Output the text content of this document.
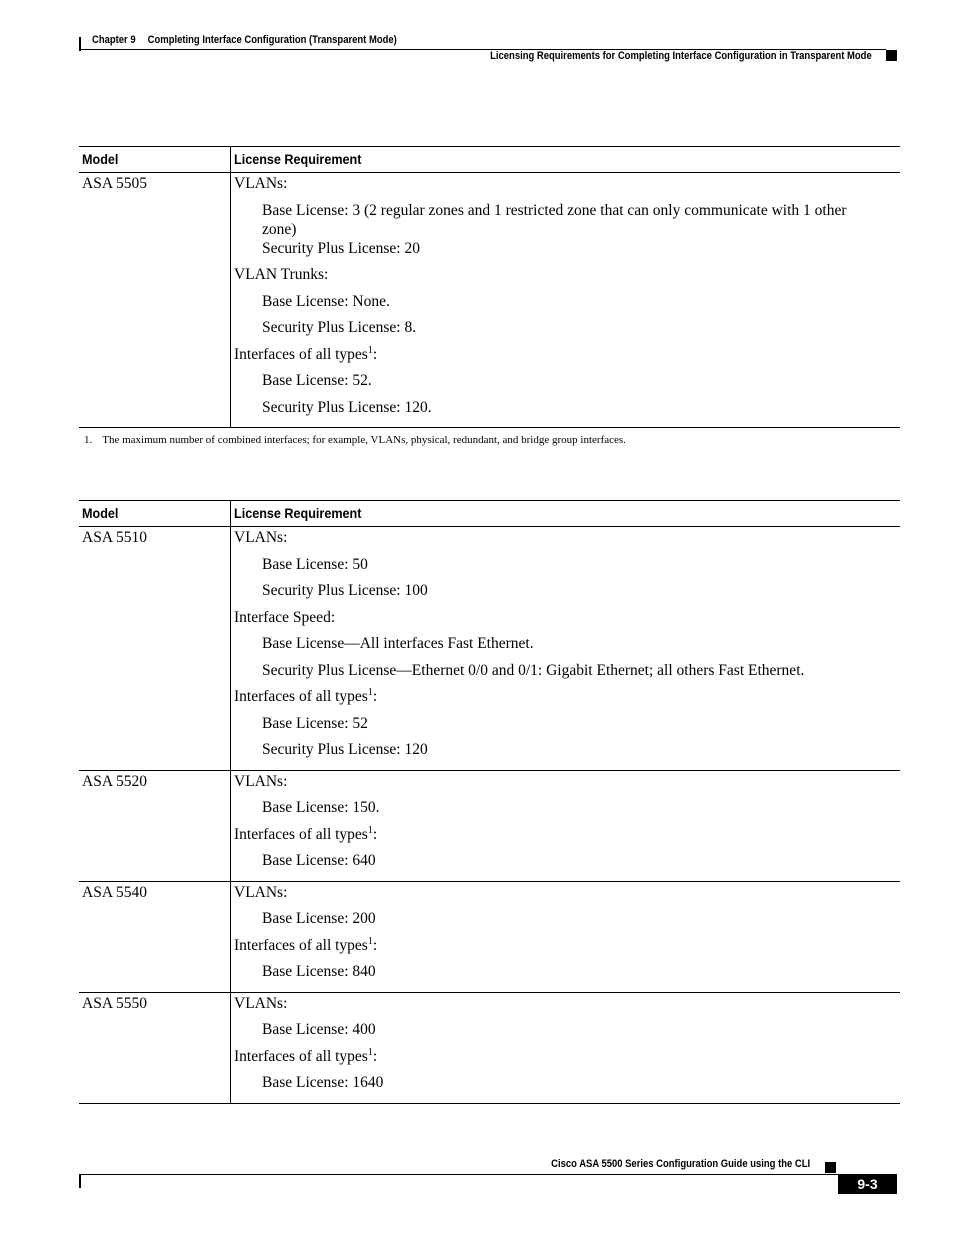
Chapter 9 Completing Interface Configuration (Transparent Mode)
Licensing Requirements for Completing Interface Configuration in Transparent Mode
Model	License Requirement
ASA 5505	VLANs:
Base License: 3 (2 regular zones and 1 restricted zone that can only communicate with 1 other zone)
Security Plus License: 20
VLAN Trunks:
Base License: None.
Security Plus License: 8.
Interfaces of all types$^1$:
Base License: 52.
Security Plus License: 120.
1. The maximum number of combined interfaces; for example, VLANs, physical, redundant, and bridge group interfaces.
Model	License Requirement
ASA 5510	VLANs:
Base License: 50
Security Plus License: 100
Interface Speed:
Base License—All interfaces Fast Ethernet.
Security Plus License—Ethernet 0/0 and 0/1: Gigabit Ethernet; all others Fast Ethernet.
Interfaces of all types$^1$:
Base License: 52
Security Plus License: 120
ASA 5520	VLANs:
Base License: 150.
Interfaces of all types$^1$:
Base License: 640
ASA 5540	VLANs:
Base License: 200
Interfaces of all types$^1$:
Base License: 840
ASA 5550	VLANs:
Base License: 400
Interfaces of all types$^1$:
Base License: 1640
Cisco ASA 5500 Series Configuration Guide using the CLI
9-3
